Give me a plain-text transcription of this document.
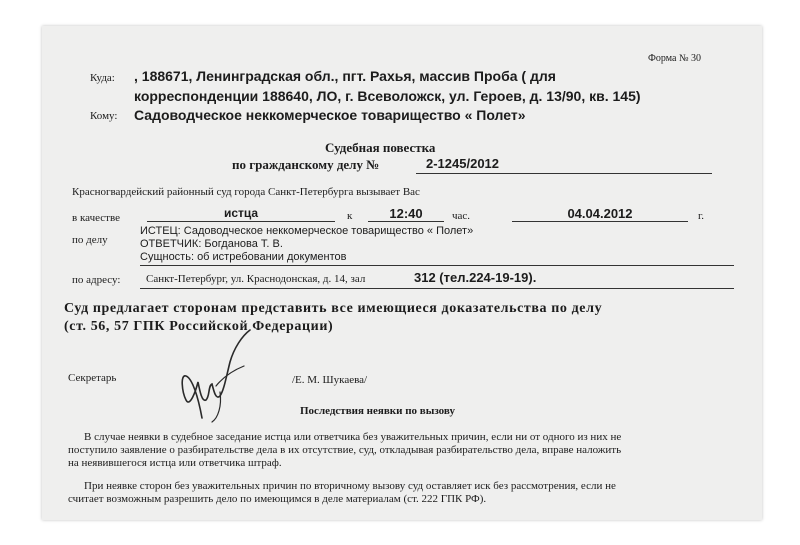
Форма № 30
Куда: , 188671, Ленинградская обл., пгт. Рахья, массив Проба ( для
корреспонденции 188640, ЛО, г. Всеволожск, ул. Героев, д. 13/90, кв. 145)
Кому: Садоводческое неккомерческое товарищество « Полет»
Судебная повестка
по гражданскому делу №	2-1245/2012
Красногвардейский районный суд города Санкт-Петербурга вызывает Вас
в качестве	истца	к	12:40	час.	04.04.2012	г.
по делу
ИСТЕЦ: Садоводческое неккомерческое товарищество « Полет»
ОТВЕТЧИК: Богданова Т. В.
Сущность: об истребовании документов
по адресу: Санкт-Петербург, ул. Краснодонская, д. 14, зал	312 (тел.224-19-19).
Суд предлагает сторонам представить все имеющиеся доказательства по делу
(ст. 56, 57 ГПК Российской Федерации)
Секретарь	/Е. М. Шукаева/
Последствия неявки по вызову
В случае неявки в судебное заседание истца или ответчика без уважительных причин, если ни от одного из них не
поступило заявление о разбирательстве дела в их отсутствие, суд, откладывая разбирательство дела, вправе наложить
на неявившегося истца или ответчика штраф.
При неявке сторон без уважительных причин по вторичному вызову суд оставляет иск без рассмотрения, если не
считает возможным разрешить дело по имеющимся в деле материалам (ст. 222 ГПК РФ).
